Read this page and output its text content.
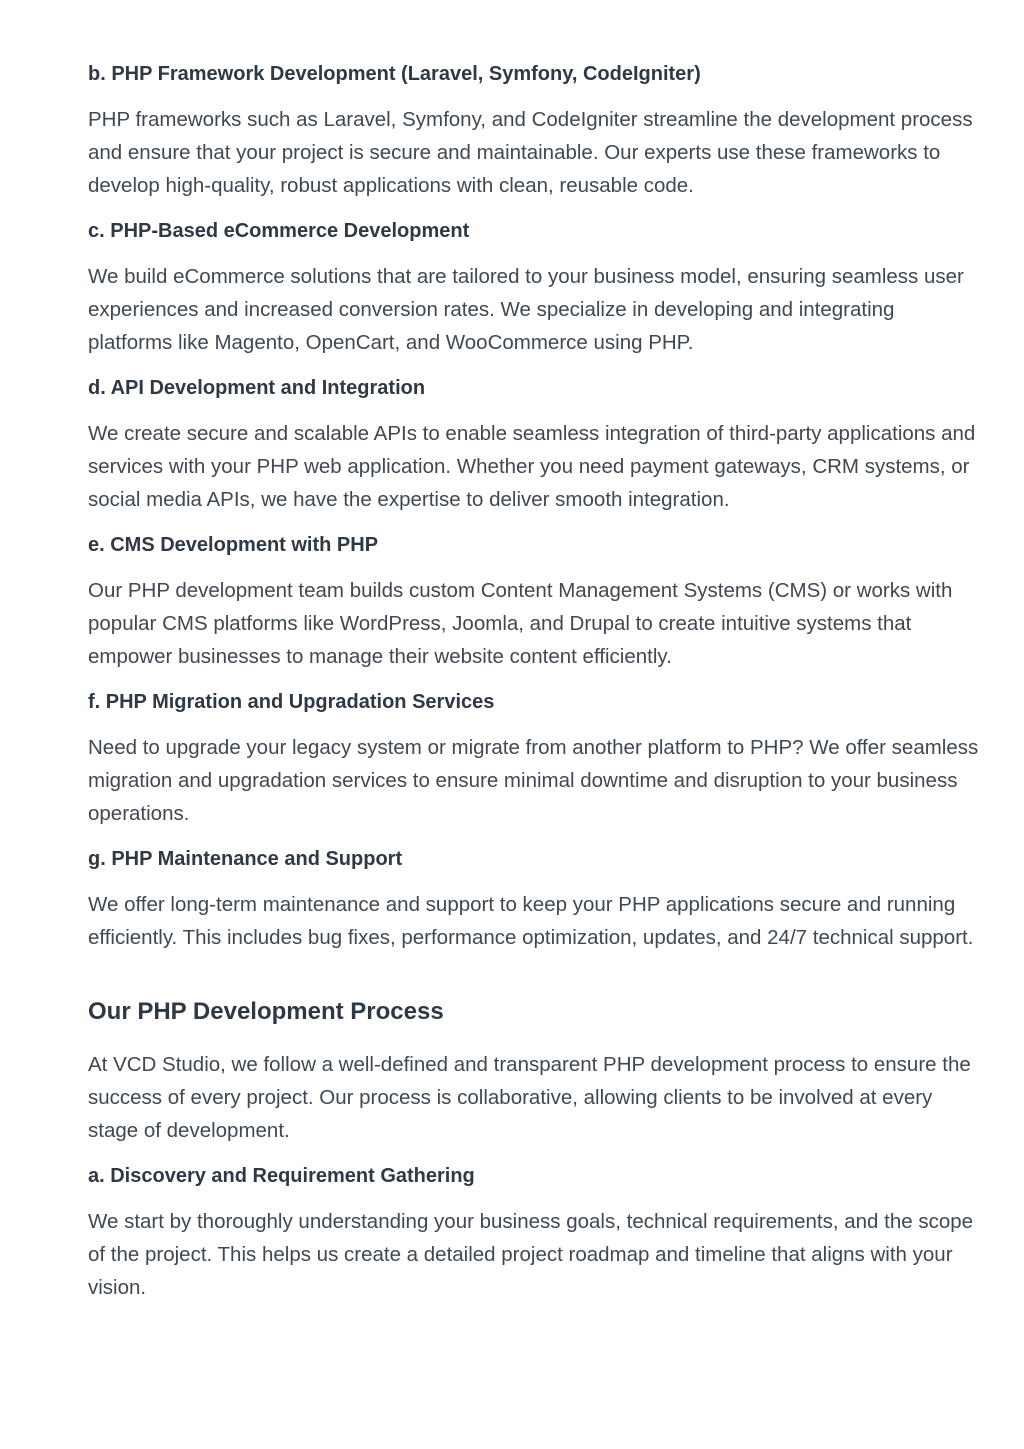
b. PHP Framework Development (Laravel, Symfony, CodeIgniter)

PHP frameworks such as Laravel, Symfony, and CodeIgniter streamline the development process and ensure that your project is secure and maintainable. Our experts use these frameworks to develop high-quality, robust applications with clean, reusable code.

c. PHP-Based eCommerce Development

We build eCommerce solutions that are tailored to your business model, ensuring seamless user experiences and increased conversion rates. We specialize in developing and integrating platforms like Magento, OpenCart, and WooCommerce using PHP.

d. API Development and Integration

We create secure and scalable APIs to enable seamless integration of third-party applications and services with your PHP web application. Whether you need payment gateways, CRM systems, or social media APIs, we have the expertise to deliver smooth integration.

e. CMS Development with PHP

Our PHP development team builds custom Content Management Systems (CMS) or works with popular CMS platforms like WordPress, Joomla, and Drupal to create intuitive systems that empower businesses to manage their website content efficiently.

f. PHP Migration and Upgradation Services

Need to upgrade your legacy system or migrate from another platform to PHP? We offer seamless migration and upgradation services to ensure minimal downtime and disruption to your business operations.

g. PHP Maintenance and Support

We offer long-term maintenance and support to keep your PHP applications secure and running efficiently. This includes bug fixes, performance optimization, updates, and 24/7 technical support.

Our PHP Development Process

At VCD Studio, we follow a well-defined and transparent PHP development process to ensure the success of every project. Our process is collaborative, allowing clients to be involved at every stage of development.

a. Discovery and Requirement Gathering

We start by thoroughly understanding your business goals, technical requirements, and the scope of the project. This helps us create a detailed project roadmap and timeline that aligns with your vision.
